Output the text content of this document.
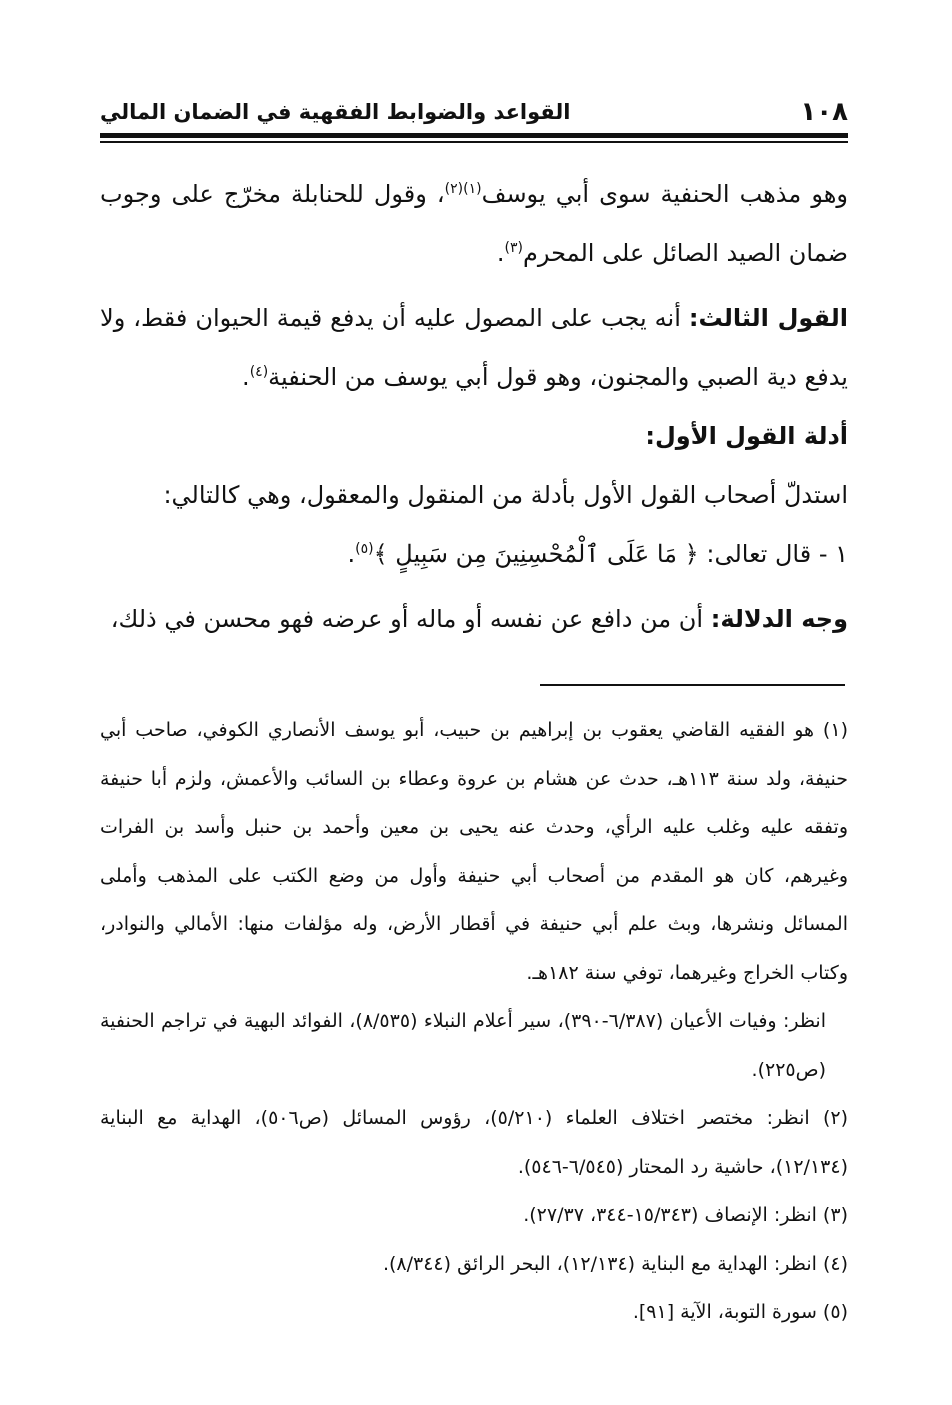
١٠٨
القواعد والضوابط الفقهية في الضمان المالي

وهو مذهب الحنفية سوى أبي يوسف$^{(١)(٢)}$، وقول للحنابلة مخرّج على وجوب ضمان الصيد الصائل على المحرم$^{(٣)}$.

القول الثالث: أنه يجب على المصول عليه أن يدفع قيمة الحيوان فقط، ولا يدفع دية الصبي والمجنون، وهو قول أبي يوسف من الحنفية$^{(٤)}$.

أدلة القول الأول:

استدلّ أصحاب القول الأول بأدلة من المنقول والمعقول، وهي كالتالي:

١ - قال تعالى: ﴿ مَا عَلَى ٱلْمُحْسِنِينَ مِن سَبِيلٍ ﴾$^{(٥)}$.

وجه الدلالة: أن من دافع عن نفسه أو ماله أو عرضه فهو محسن في ذلك،

(١) هو الفقيه القاضي يعقوب بن إبراهيم بن حبيب، أبو يوسف الأنصاري الكوفي، صاحب أبي حنيفة، ولد سنة ١١٣هـ، حدث عن هشام بن عروة وعطاء بن السائب والأعمش، ولزم أبا حنيفة وتفقه عليه وغلب عليه الرأي، وحدث عنه يحيى بن معين وأحمد بن حنبل وأسد بن الفرات وغيرهم، كان هو المقدم من أصحاب أبي حنيفة وأول من وضع الكتب على المذهب وأملى المسائل ونشرها، وبث علم أبي حنيفة في أقطار الأرض، وله مؤلفات منها: الأمالي والنوادر، وكتاب الخراج وغيرهما، توفي سنة ١٨٢هـ.

انظر: وفيات الأعيان (٦/٣٨٧-٣٩٠)، سير أعلام النبلاء (٨/٥٣٥)، الفوائد البهية في تراجم الحنفية (ص٢٢٥).

(٢) انظر: مختصر اختلاف العلماء (٥/٢١٠)، رؤوس المسائل (ص٥٠٦)، الهداية مع البناية (١٢/١٣٤)، حاشية رد المحتار (٦/٥٤٥-٥٤٦).

(٣) انظر: الإنصاف (١٥/٣٤٣-٣٤٤، ٢٧/٣٧).

(٤) انظر: الهداية مع البناية (١٢/١٣٤)، البحر الرائق (٨/٣٤٤).

(٥) سورة التوبة، الآية [٩١].
